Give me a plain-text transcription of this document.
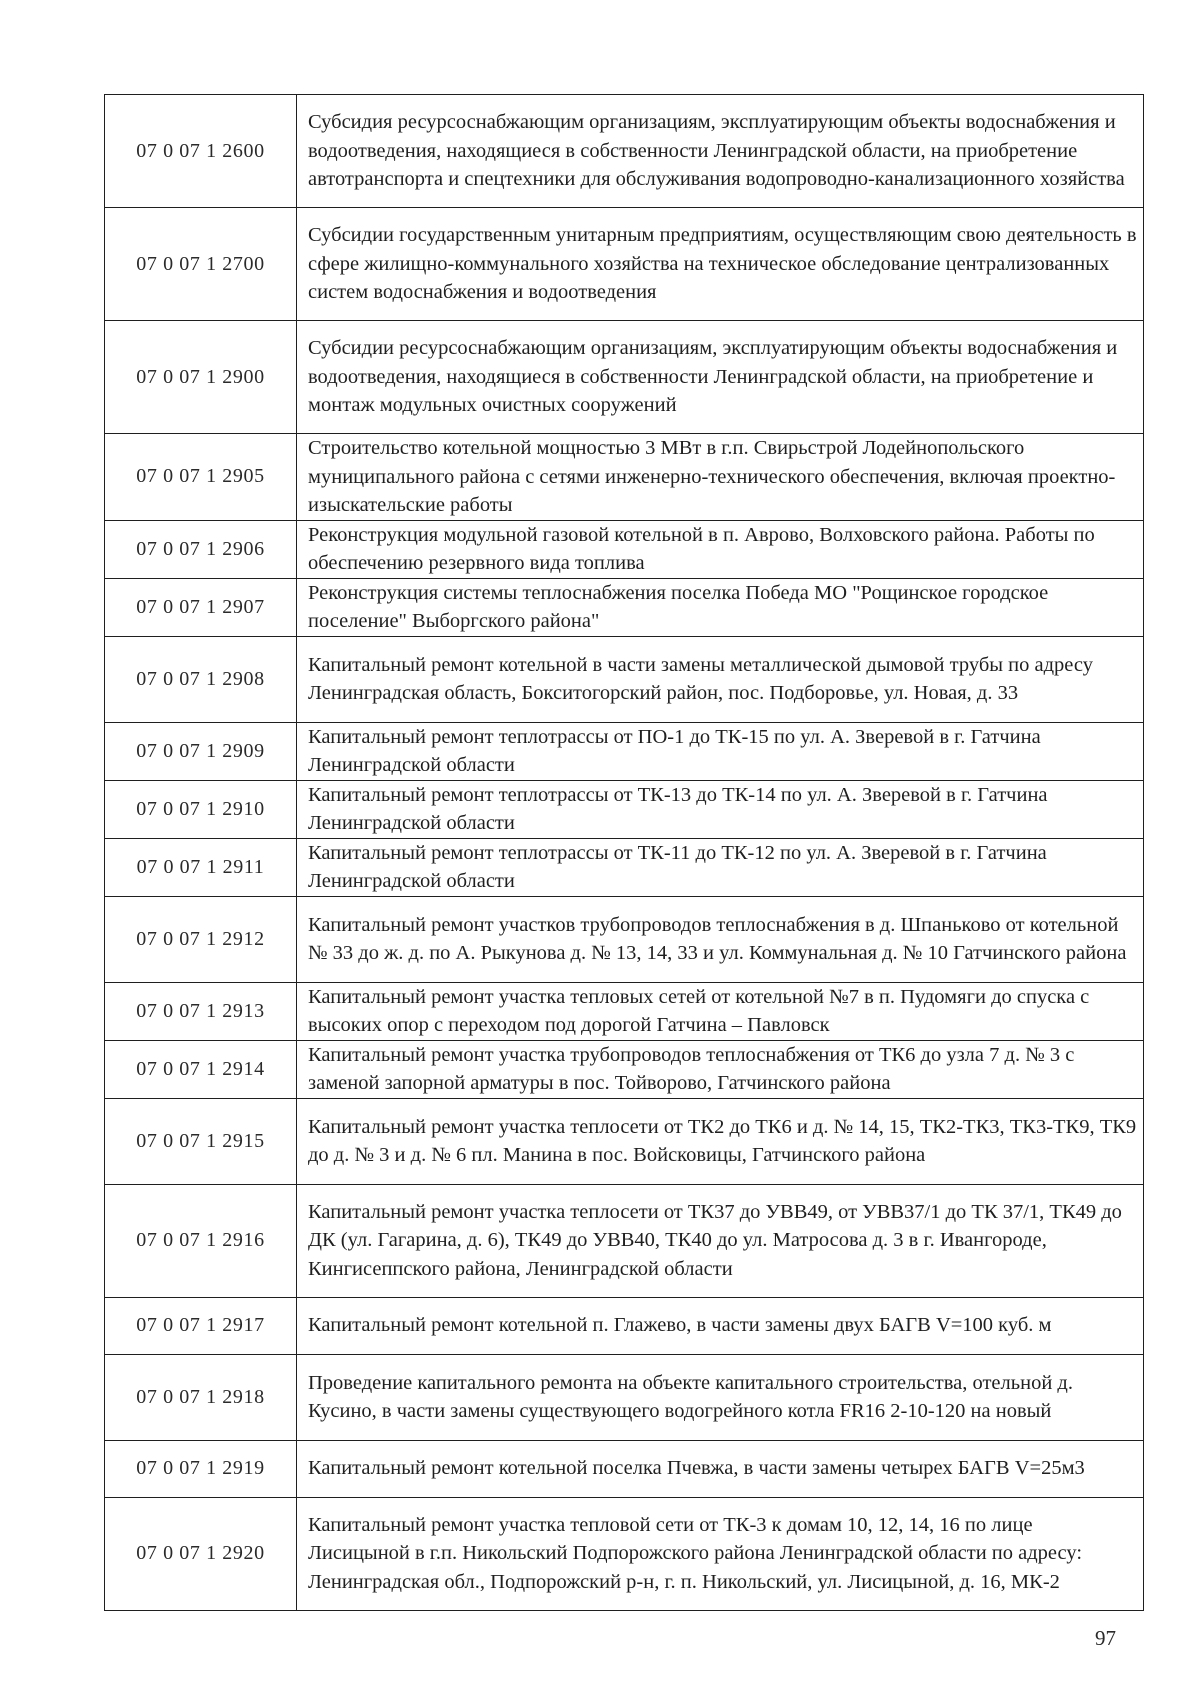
07 0 07 1 2600	Субсидия ресурсоснабжающим организациям, эксплуатирующим объекты водоснабжения и водоотведения, находящиеся в собственности Ленинградской области, на приобретение автотранспорта и спецтехники для обслуживания водопроводно-канализационного хозяйства
07 0 07 1 2700	Субсидии государственным унитарным предприятиям, осуществляющим свою деятельность в сфере жилищно-коммунального хозяйства на техническое обследование централизованных систем водоснабжения и водоотведения
07 0 07 1 2900	Субсидии ресурсоснабжающим организациям, эксплуатирующим объекты водоснабжения и водоотведения, находящиеся в собственности Ленинградской области, на приобретение и монтаж модульных очистных сооружений
07 0 07 1 2905	Строительство котельной мощностью 3 МВт в г.п. Свирьстрой Лодейнопольского муниципального района с сетями инженерно-технического обеспечения, включая проектно-изыскательские работы
07 0 07 1 2906	Реконструкция модульной газовой котельной в п. Аврово, Волховского района. Работы по обеспечению резервного вида топлива
07 0 07 1 2907	Реконструкция системы теплоснабжения поселка Победа МО "Рощинское городское поселение" Выборгского района"
07 0 07 1 2908	Капитальный ремонт котельной в части замены металлической дымовой трубы по адресу Ленинградская область, Бокситогорский район, пос. Подборовье, ул. Новая, д. 33
07 0 07 1 2909	Капитальный ремонт теплотрассы от ПО-1 до ТК-15 по ул. А. Зверевой в г. Гатчина Ленинградской области
07 0 07 1 2910	Капитальный ремонт теплотрассы от ТК-13 до ТК-14 по ул. А. Зверевой в г. Гатчина Ленинградской области
07 0 07 1 2911	Капитальный ремонт теплотрассы от ТК-11 до ТК-12 по ул. А. Зверевой в г. Гатчина Ленинградской области
07 0 07 1 2912	Капитальный ремонт участков трубопроводов теплоснабжения в д. Шпаньково от котельной № 33 до ж. д. по А. Рыкунова д. № 13, 14, 33 и ул. Коммунальная д. № 10 Гатчинского района
07 0 07 1 2913	Капитальный ремонт участка тепловых сетей от котельной №7 в п. Пудомяги до спуска с высоких опор с переходом под дорогой Гатчина – Павловск
07 0 07 1 2914	Капитальный ремонт участка трубопроводов теплоснабжения от ТК6 до узла 7 д. № 3 с заменой запорной арматуры в пос. Тойворово, Гатчинского района
07 0 07 1 2915	Капитальный ремонт участка теплосети от ТК2 до ТК6 и д. № 14, 15, ТК2-ТК3, ТК3-ТК9, ТК9 до д. № 3 и д. № 6 пл. Манина в пос. Войсковицы, Гатчинского района
07 0 07 1 2916	Капитальный ремонт участка теплосети от ТК37 до УВВ49, от УВВ37/1 до ТК 37/1, ТК49 до ДК (ул. Гагарина, д. 6), ТК49 до УВВ40, ТК40 до ул. Матросова д. 3 в г. Ивангороде, Кингисеппского района, Ленинградской области
07 0 07 1 2917	Капитальный ремонт котельной п. Глажево, в части замены двух БАГВ V=100 куб. м
07 0 07 1 2918	Проведение капитального ремонта на объекте капитального строительства, отельной д. Кусино, в части замены существующего водогрейного котла FR16 2-10-120 на новый
07 0 07 1 2919	Капитальный ремонт котельной поселка Пчевжа, в части замены четырех БАГВ V=25м3
07 0 07 1 2920	Капитальный ремонт участка тепловой сети от ТК-3 к домам 10, 12, 14, 16 по лице Лисицыной в г.п. Никольский Подпорожского района Ленинградской области по адресу: Ленинградская обл., Подпорожский р-н, г. п. Никольский, ул. Лисицыной, д. 16, МК-2
97
